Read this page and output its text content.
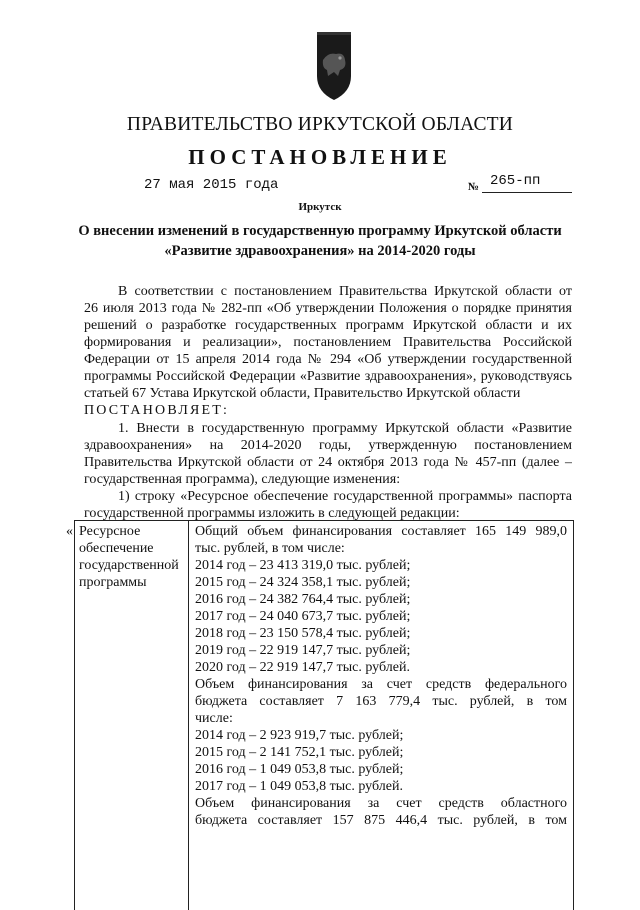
ПРАВИТЕЛЬСТВО ИРКУТСКОЙ ОБЛАСТИ
ПОСТАНОВЛЕНИЕ
27 мая 2015 года	№ 265-пп
Иркутск
О внесении изменений в государственную программу Иркутской области
«Развитие здравоохранения» на 2014-2020 годы
В соответствии с постановлением Правительства Иркутской области от
26 июля 2013 года № 282-пп «Об утверждении Положения о порядке принятия
решений о разработке государственных программ Иркутской области и их
формирования и реализации», постановлением Правительства Российской
Федерации от 15 апреля 2014 года № 294 «Об утверждении государственной
программы Российской Федерации «Развитие здравоохранения», руководствуясь
статьей 67 Устава Иркутской области, Правительство Иркутской области
ПОСТАНОВЛЯЕТ:
1. Внести в государственную программу Иркутской области «Развитие
здравоохранения» на 2014-2020 годы, утвержденную постановлением
Правительства Иркутской области от 24 октября 2013 года № 457-пп (далее –
государственная программа), следующие изменения:
1) строку «Ресурсное обеспечение государственной программы» паспорта
государственной программы изложить в следующей редакции:
« Ресурсное
обеспечение
государственной
программы
Общий объем финансирования составляет 165 149 989,0
тыс. рублей, в том числе:
2014 год – 23 413 319,0 тыс. рублей;
2015 год – 24 324 358,1 тыс. рублей;
2016 год – 24 382 764,4 тыс. рублей;
2017 год – 24 040 673,7 тыс. рублей;
2018 год – 23 150 578,4 тыс. рублей;
2019 год – 22 919 147,7 тыс. рублей;
2020 год – 22 919 147,7 тыс. рублей.
Объем финансирования за счет средств федерального
бюджета составляет 7 163 779,4 тыс. рублей, в том
числе:
2014 год – 2 923 919,7 тыс. рублей;
2015 год – 2 141 752,1 тыс. рублей;
2016 год – 1 049 053,8 тыс. рублей;
2017 год – 1 049 053,8 тыс. рублей.
Объем финансирования за счет средств областного
бюджета составляет 157 875 446,4 тыс. рублей, в том
